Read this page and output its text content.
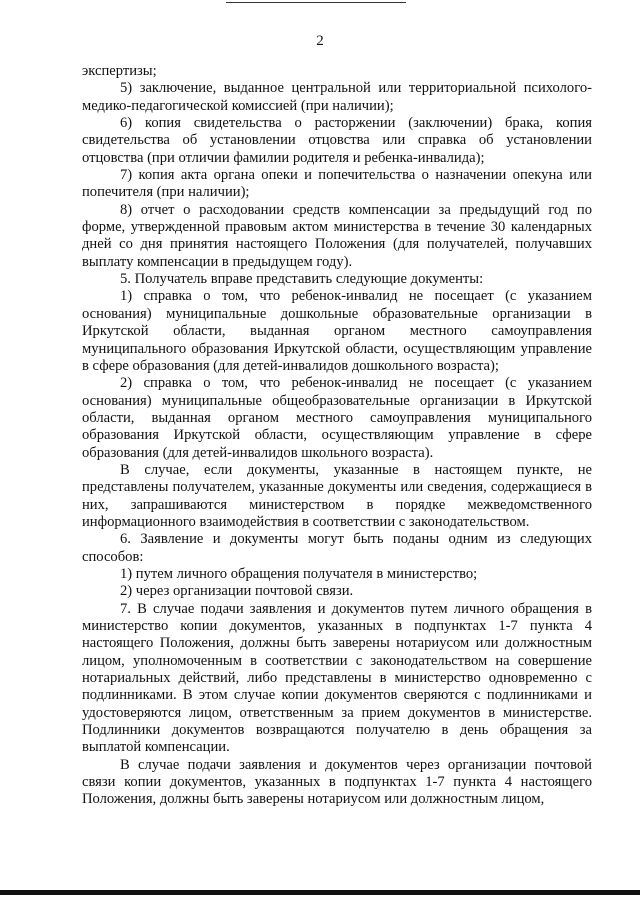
2

экспертизы;

5) заключение, выданное центральной или территориальной психолого-медико-педагогической комиссией (при наличии);

6) копия свидетельства о расторжении (заключении) брака, копия свидетельства об установлении отцовства или справка об установлении отцовства (при отличии фамилии родителя и ребенка-инвалида);

7) копия акта органа опеки и попечительства о назначении опекуна или попечителя (при наличии);

8) отчет о расходовании средств компенсации за предыдущий год по форме, утвержденной правовым актом министерства в течение 30 календарных дней со дня принятия настоящего Положения (для получателей, получавших выплату компенсации в предыдущем году).

5. Получатель вправе представить следующие документы:

1) справка о том, что ребенок-инвалид не посещает (с указанием основания) муниципальные дошкольные образовательные организации в Иркутской области, выданная органом местного самоуправления муниципального образования Иркутской области, осуществляющим управление в сфере образования (для детей-инвалидов дошкольного возраста);

2) справка о том, что ребенок-инвалид не посещает (с указанием основания) муниципальные общеобразовательные организации в Иркутской области, выданная органом местного самоуправления муниципального образования Иркутской области, осуществляющим управление в сфере образования (для детей-инвалидов школьного возраста).

В случае, если документы, указанные в настоящем пункте, не представлены получателем, указанные документы или сведения, содержащиеся в них, запрашиваются министерством в порядке межведомственного информационного взаимодействия в соответствии с законодательством.

6. Заявление и документы могут быть поданы одним из следующих способов:

1) путем личного обращения получателя в министерство;

2) через организации почтовой связи.

7. В случае подачи заявления и документов путем личного обращения в министерство копии документов, указанных в подпунктах 1-7 пункта 4 настоящего Положения, должны быть заверены нотариусом или должностным лицом, уполномоченным в соответствии с законодательством на совершение нотариальных действий, либо представлены в министерство одновременно с подлинниками. В этом случае копии документов сверяются с подлинниками и удостоверяются лицом, ответственным за прием документов в министерстве. Подлинники документов возвращаются получателю в день обращения за выплатой компенсации.

В случае подачи заявления и документов через организации почтовой связи копии документов, указанных в подпунктах 1-7 пункта 4 настоящего Положения, должны быть заверены нотариусом или должностным лицом,
